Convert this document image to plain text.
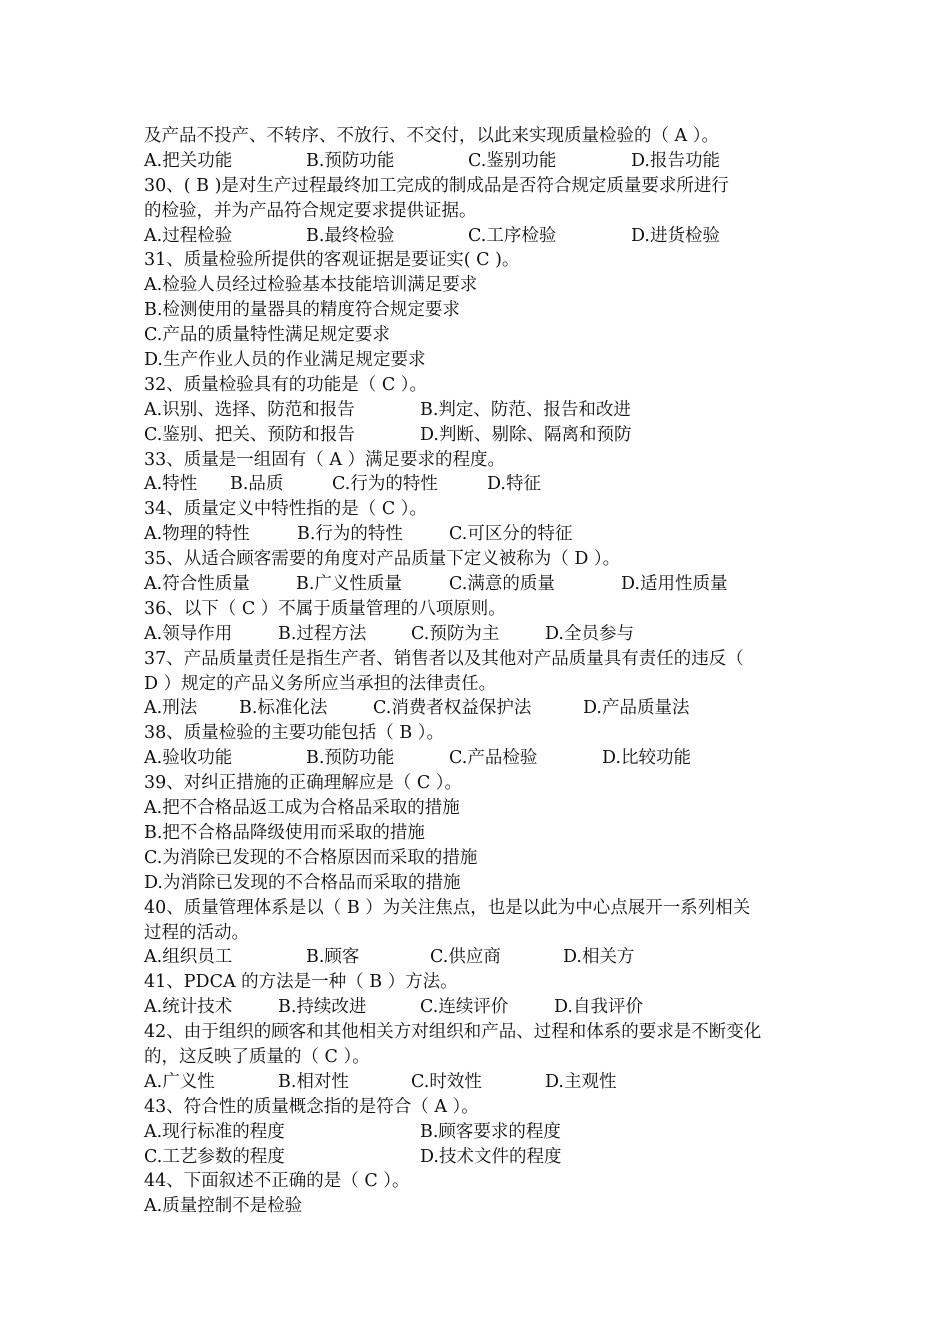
及产品不投产、不转序、不放行、不交付，以此来实现质量检验的（ A ）。
A.把关功能	B.预防功能	C.鉴别功能	D.报告功能
30、( B )是对生产过程最终加工完成的制成品是否符合规定质量要求所进行
的检验，并为产品符合规定要求提供证据。
A.过程检验	B.最终检验	C.工序检验	D.进货检验
31、质量检验所提供的客观证据是要证实( C )。
A.检验人员经过检验基本技能培训满足要求
B.检测使用的量器具的精度符合规定要求
C.产品的质量特性满足规定要求
D.生产作业人员的作业满足规定要求
32、质量检验具有的功能是（ C ）。
A.识别、选择、防范和报告	B.判定、防范、报告和改进
C.鉴别、把关、预防和报告	D.判断、剔除、隔离和预防
33、质量是一组固有（ A ）满足要求的程度。
A.特性 B.品质	C.行为的特性	D.特征
34、质量定义中特性指的是（ C ）。
A.物理的特性	B.行为的特性	C.可区分的特征
35、从适合顾客需要的角度对产品质量下定义被称为（ D ）。
A.符合性质量	B.广义性质量	C.满意的质量	D.适用性质量
36、以下（ C ）不属于质量管理的八项原则。
A.领导作用	B.过程方法	C.预防为主	D.全员参与
37、产品质量责任是指生产者、销售者以及其他对产品质量具有责任的违反（
D ）规定的产品义务所应当承担的法律责任。
A.刑法 B.标准化法	C.消费者权益保护法	D.产品质量法
38、质量检验的主要功能包括（ B ）。
A.验收功能	B.预防功能	C.产品检验	D.比较功能
39、对纠正措施的正确理解应是（ C ）。
A.把不合格品返工成为合格品采取的措施
B.把不合格品降级使用而采取的措施
C.为消除已发现的不合格原因而采取的措施
D.为消除已发现的不合格品而采取的措施
40、质量管理体系是以（ B ）为关注焦点，也是以此为中心点展开一系列相关
过程的活动。
A.组织员工	B.顾客	C.供应商	D.相关方
41、PDCA 的方法是一种（ B ）方法。
A.统计技术	B.持续改进	C.连续评价	D.自我评价
42、由于组织的顾客和其他相关方对组织和产品、过程和体系的要求是不断变化
的，这反映了质量的（ C ）。
A.广义性	B.相对性	C.时效性	D.主观性
43、符合性的质量概念指的是符合（ A ）。
A.现行标准的程度	B.顾客要求的程度
C.工艺参数的程度	D.技术文件的程度
44、下面叙述不正确的是（ C ）。
A.质量控制不是检验
